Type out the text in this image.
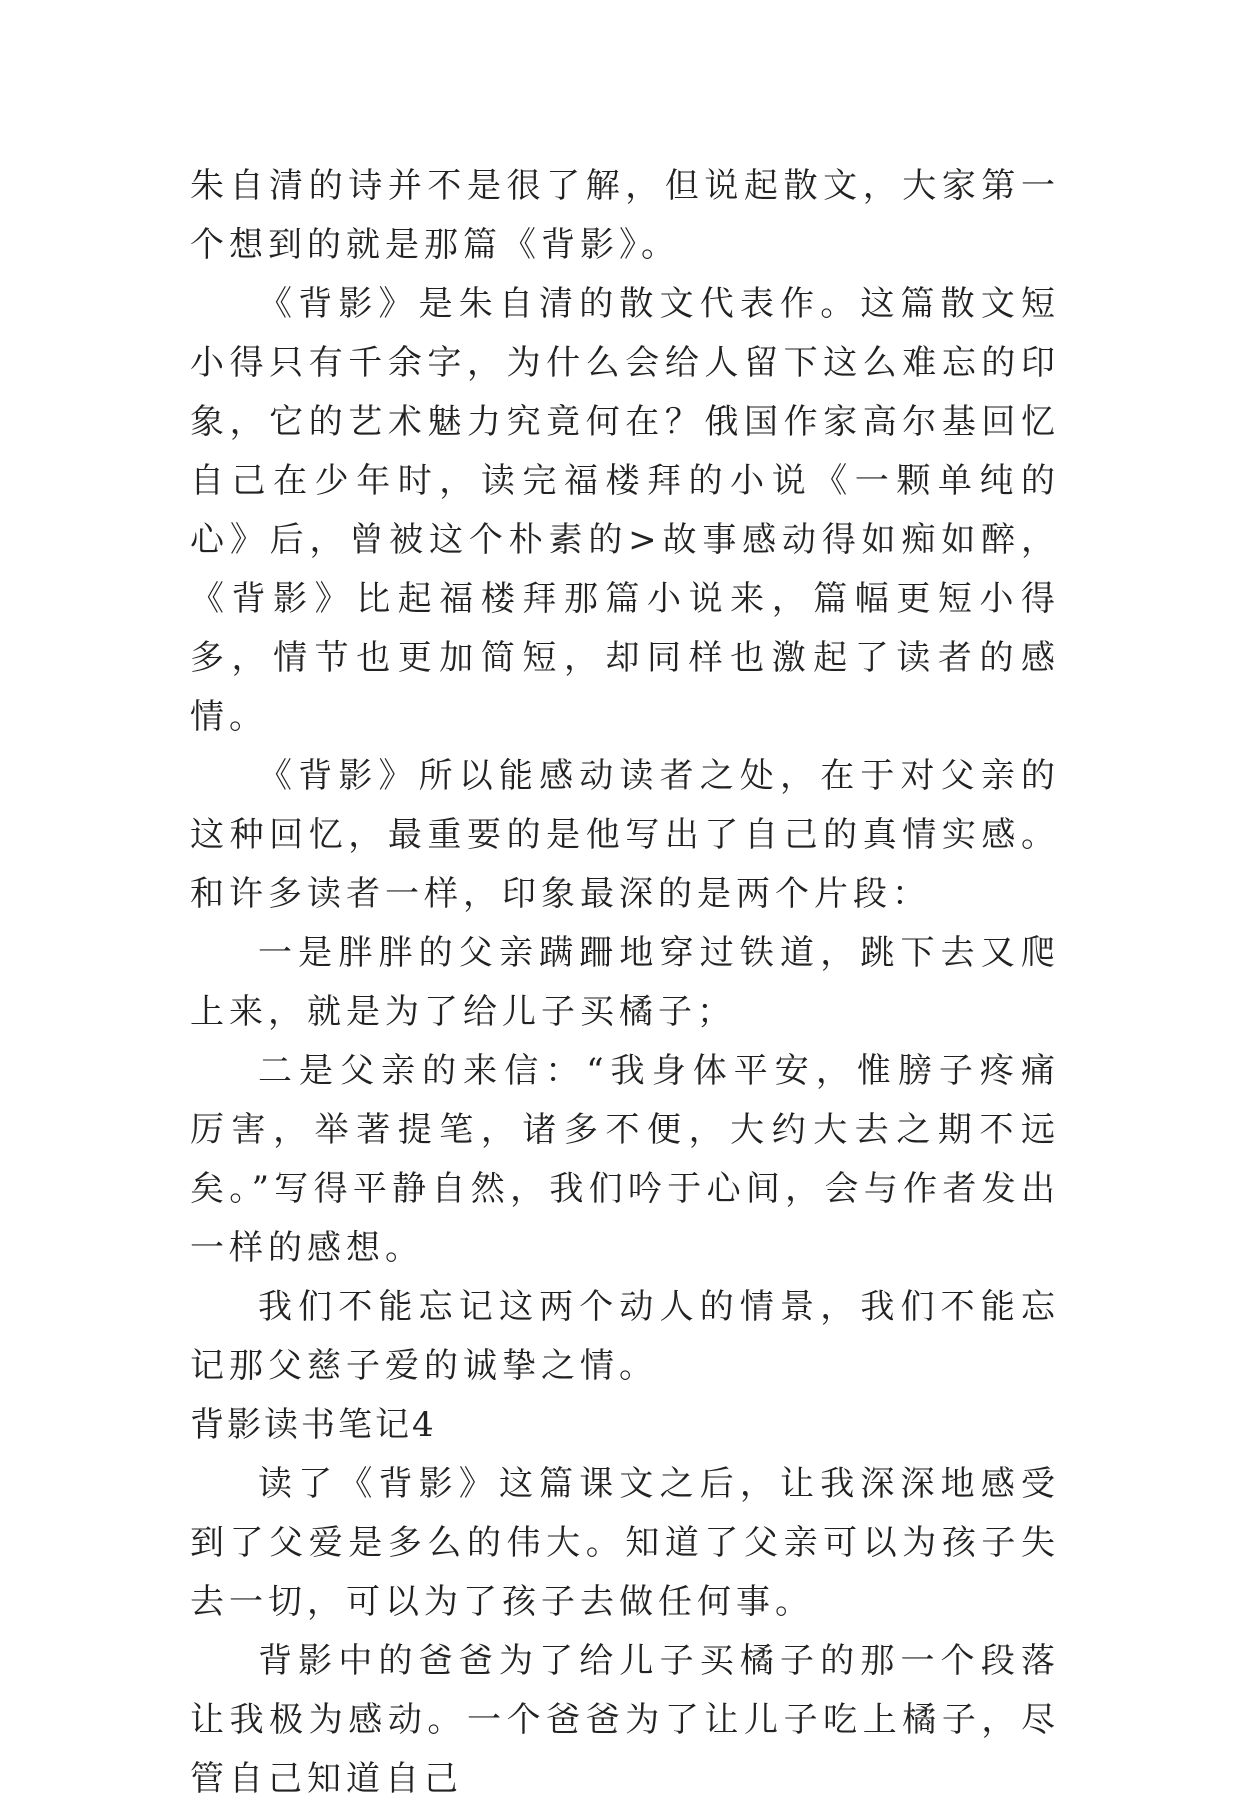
朱自清的诗并不是很了解，但说起散文，大家第一个想到的就是那篇《背影》。

《背影》是朱自清的散文代表作。这篇散文短小得只有千余字，为什么会给人留下这么难忘的印象，它的艺术魅力究竟何在？俄国作家高尔基回忆自己在少年时，读完福楼拜的小说《一颗单纯的心》后，曾被这个朴素的>故事感动得如痴如醉，《背影》比起福楼拜那篇小说来，篇幅更短小得多，情节也更加简短，却同样也激起了读者的感情。

《背影》所以能感动读者之处，在于对父亲的这种回忆，最重要的是他写出了自己的真情实感。和许多读者一样，印象最深的是两个片段：

一是胖胖的父亲蹒跚地穿过铁道，跳下去又爬上来，就是为了给儿子买橘子；

二是父亲的来信：“我身体平安，惟膀子疼痛厉害，举著提笔，诸多不便，大约大去之期不远矣。”写得平静自然，我们吟于心间，会与作者发出一样的感想。

我们不能忘记这两个动人的情景，我们不能忘记那父慈子爱的诚挚之情。

背影读书笔记4

读了《背影》这篇课文之后，让我深深地感受到了父爱是多么的伟大。知道了父亲可以为孩子失去一切，可以为了孩子去做任何事。

背影中的爸爸为了给儿子买橘子的那一个段落让我极为感动。一个爸爸为了让儿子吃上橘子，尽管自己知道自己
